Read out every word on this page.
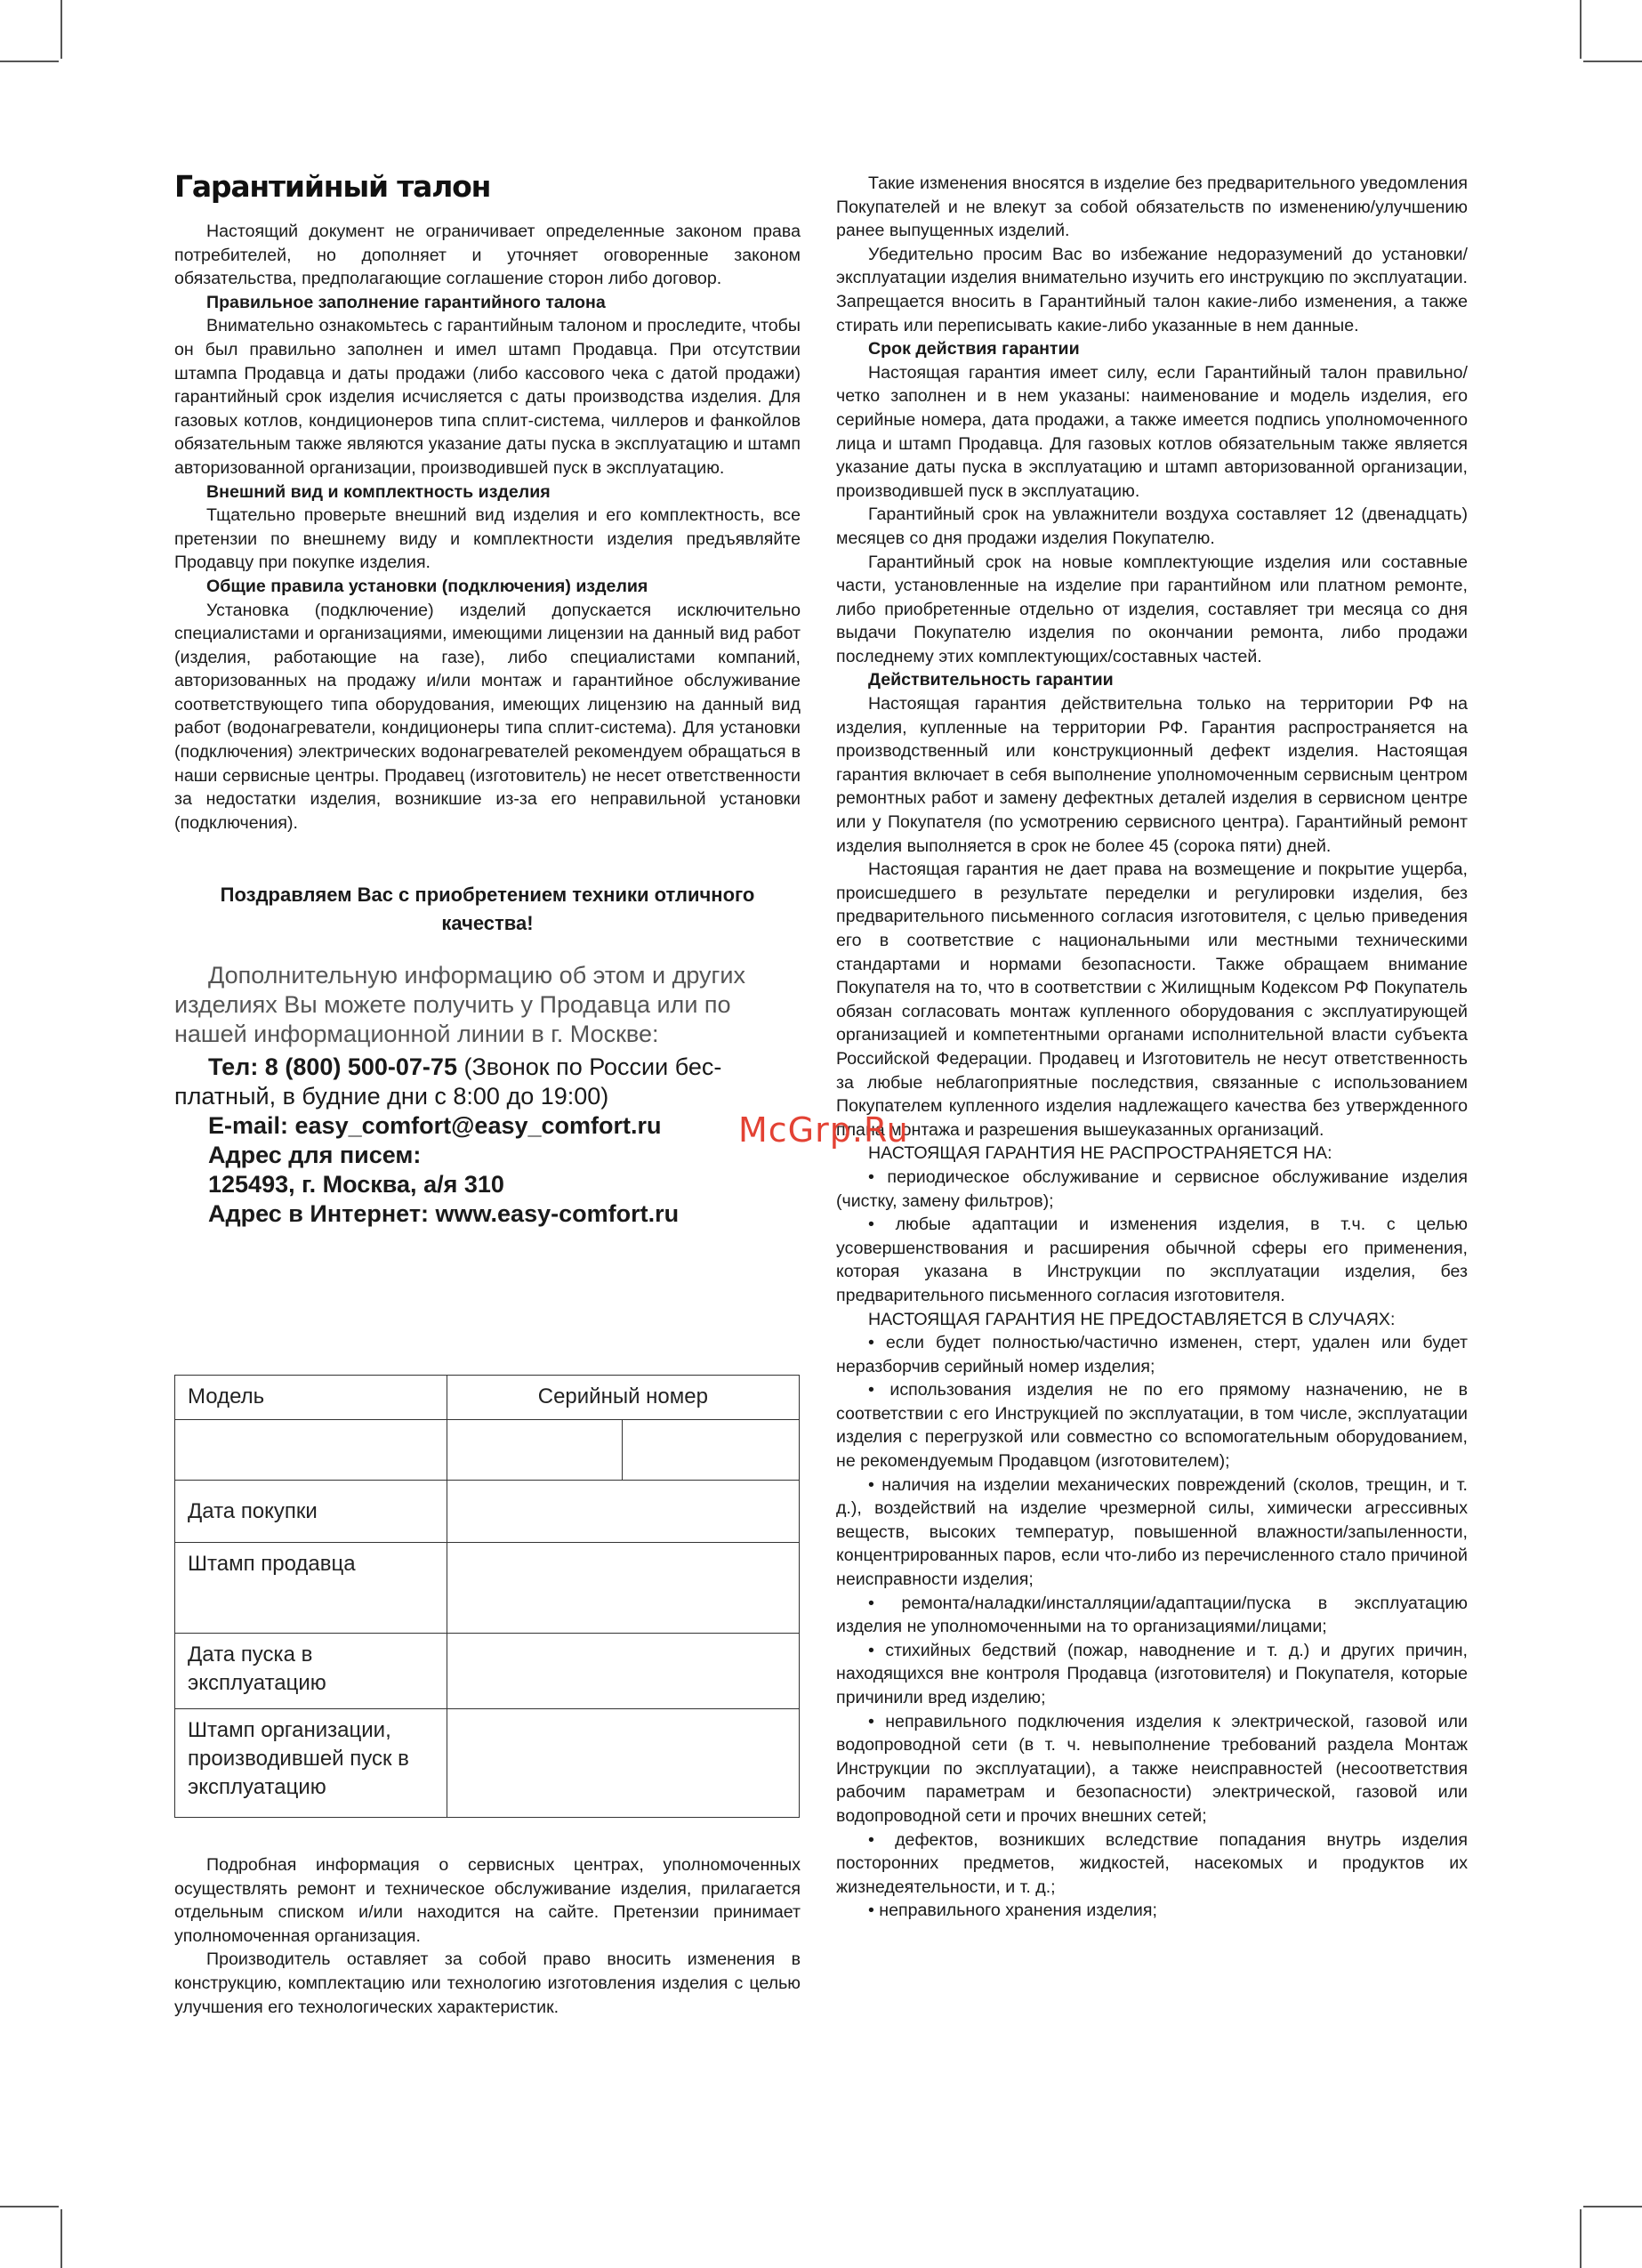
Гарантийный талон

Настоящий документ не ограничивает определенные законом права потребителей, но дополняет и уточняет оговоренные законом обязательства, предполагающие соглашение сторон либо договор.

Правильное заполнение гарантийного талона

Внимательно ознакомьтесь с гарантийным талоном и проследите, чтобы он был правильно заполнен и имел штамп Продавца. При отсутствии штампа Продавца и даты продажи (либо кассового чека с датой продажи) гарантийный срок изделия исчисляется с даты производства изделия. Для газовых котлов, кондиционеров типа сплит-система, чиллеров и фанкойлов обязательным также являются указание даты пуска в эксплуатацию и штамп авторизованной организации, производившей пуск в эксплуатацию.

Внешний вид и комплектность изделия

Тщательно проверьте внешний вид изделия и его комплектность, все претензии по внешнему виду и комплектности изделия предъявляйте Продавцу при покупке изделия.

Общие правила установки (подключения) изделия

Установка (подключение) изделий допускается исключительно специалистами и организациями, имеющими лицензии на данный вид работ (изделия, работающие на газе), либо специалистами компаний, авторизованных на продажу и/или монтаж и гарантийное обслуживание соответствующего типа оборудования, имеющих лицензию на данный вид работ (водонагреватели, кондиционеры типа сплит-система). Для установки (подключения) электрических водонагревателей рекомендуем обращаться в наши сервисные центры. Продавец (изготовитель) не несет ответственности за недостатки изделия, возникшие из-за его неправильной установки (подключения).

Поздравляем Вас с приобретением техники отличного качества!

Дополнительную информацию об этом и других изделиях Вы можете получить у Продавца или по нашей информационной линии в г. Москве:

Тел: 8 (800) 500-07-75 (Звонок по России бес-
платный, в будние дни с 8:00 до 19:00)
E-mail: easy_comfort@easy_comfort.ru
Адрес для писем:
125493, г. Москва, а/я 310
Адрес в Интернет: www.easy-comfort.ru
Модель	Серийный номер	

Дата покупки		
Штамп продавца		
Дата пуска в эксплуатацию		
Штамп организации, производившей пуск в эксплуатацию		

Подробная информация о сервисных центрах, уполномоченных осуществлять ремонт и техническое обслуживание изделия, прилагается отдельным списком и/или находится на сайте. Претензии принимает уполномоченная организация.

Производитель оставляет за собой право вносить изменения в конструкцию, комплектацию или технологию изготовления изделия с целью улучшения его технологических характеристик.

Такие изменения вносятся в изделие без предварительного уведомления Покупателей и не влекут за собой обязательств по изменению/улучшению ранее выпущенных изделий.

Убедительно просим Вас во избежание недоразумений до установки/эксплуатации изделия внимательно изучить его инструкцию по эксплуатации. Запрещается вносить в Гарантийный талон какие-либо изменения, а также стирать или переписывать какие-либо указанные в нем данные.

Срок действия гарантии

Настоящая гарантия имеет силу, если Гарантийный талон правильно/четко заполнен и в нем указаны: наименование и модель изделия, его серийные номера, дата продажи, а также имеется подпись уполномоченного лица и штамп Продавца. Для газовых котлов обязательным также является указание даты пуска в эксплуатацию и штамп авторизованной организации, производившей пуск в эксплуатацию.

Гарантийный срок на увлажнители воздуха составляет 12 (двенадцать) месяцев со дня продажи изделия Покупателю.

Гарантийный срок на новые комплектующие изделия или составные части, установленные на изделие при гарантийном или платном ремонте, либо приобретенные отдельно от изделия, составляет три месяца со дня выдачи Покупателю изделия по окончании ремонта, либо продажи последнему этих комплектующих/составных частей.

Действительность гарантии

Настоящая гарантия действительна только на территории РФ на изделия, купленные на территории РФ. Гарантия распространяется на производственный или конструкционный дефект изделия. Настоящая гарантия включает в себя выполнение уполномоченным сервисным центром ремонтных работ и замену дефектных деталей изделия в сервисном центре или у Покупателя (по усмотрению сервисного центра). Гарантийный ремонт изделия выполняется в срок не более 45 (сорока пяти) дней.

Настоящая гарантия не дает права на возмещение и покрытие ущерба, происшедшего в результате переделки и регулировки изделия, без предварительного письменного согласия изготовителя, с целью приведения его в соответствие с национальными или местными техническими стандартами и нормами безопасности. Также обращаем внимание Покупателя на то, что в соответствии с Жилищным Кодексом РФ Покупатель обязан согласовать монтаж купленного оборудования с эксплуатирующей организацией и компетентными органами исполнительной власти субъекта Российской Федерации. Продавец и Изготовитель не несут ответственность за любые неблагоприятные последствия, связанные с использованием Покупателем купленного изделия надлежащего качества без утвержденного плана монтажа и разрешения вышеуказанных организаций.

НАСТОЯЩАЯ ГАРАНТИЯ НЕ РАСПРОСТРАНЯЕТСЯ НА:

• периодическое обслуживание и сервисное обслуживание изделия (чистку, замену фильтров);

• любые адаптации и изменения изделия, в т.ч. с целью усовершенствования и расширения обычной сферы его применения, которая указана в Инструкции по эксплуатации изделия, без предварительного письменного согласия изготовителя.

НАСТОЯЩАЯ ГАРАНТИЯ НЕ ПРЕДОСТАВЛЯЕТСЯ В СЛУЧАЯХ:

• если будет полностью/частично изменен, стерт, удален или будет неразборчив серийный номер изделия;

• использования изделия не по его прямому назначению, не в соответствии с его Инструкцией по эксплуатации, в том числе, эксплуатации изделия с перегрузкой или совместно со вспомогательным оборудованием, не рекомендуемым Продавцом (изготовителем);

• наличия на изделии механических повреждений (сколов, трещин, и т. д.), воздействий на изделие чрезмерной силы, химически агрессивных веществ, высоких температур, повышенной влажности/запыленности, концентрированных паров, если что-либо из перечисленного стало причиной неисправности изделия;

• ремонта/наладки/инсталляции/адаптации/пуска в эксплуатацию изделия не уполномоченными на то организациями/лицами;

• стихийных бедствий (пожар, наводнение и т. д.) и других причин, находящихся вне контроля Продавца (изготовителя) и Покупателя, которые причинили вред изделию;

• неправильного подключения изделия к электрической, газовой или водопроводной сети (в т. ч. невыполнение требований раздела Монтаж Инструкции по эксплуатации), а также неисправностей (несоответствия рабочим параметрам и безопасности) электрической, газовой или водопроводной сети и прочих внешних сетей;

• дефектов, возникших вследствие попадания внутрь изделия посторонних предметов, жидкостей, насекомых и продуктов их жизнедеятельности, и т. д.;

• неправильного хранения изделия;

McGrp.Ru
